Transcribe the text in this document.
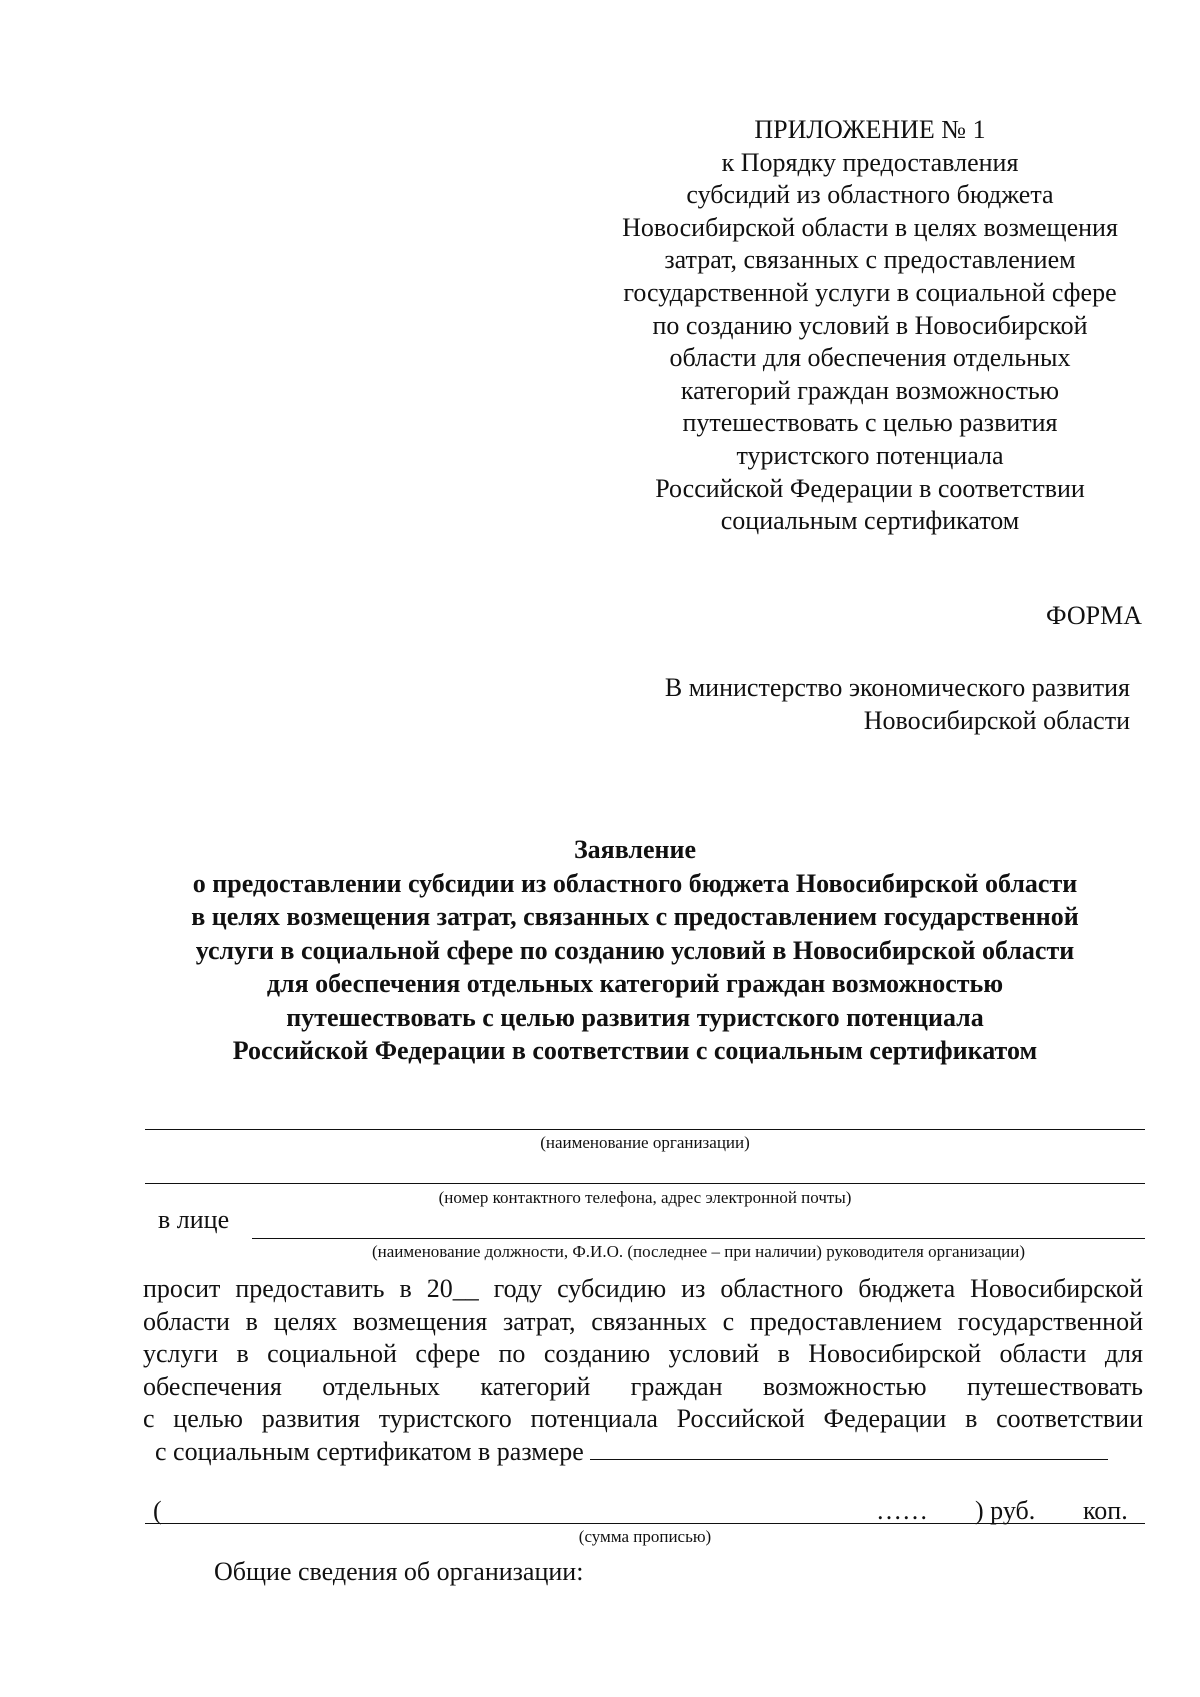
ПРИЛОЖЕНИЕ № 1
к Порядку предоставления
субсидий из областного бюджета
Новосибирской области в целях возмещения
затрат, связанных с предоставлением
государственной услуги в социальной сфере
по созданию условий в Новосибирской
области для обеспечения отдельных
категорий граждан возможностью
путешествовать с целью развития
туристского потенциала
Российской Федерации в соответствии
социальным сертификатом
ФОРМА
В министерство экономического развития
Новосибирской области
Заявление
о предоставлении субсидии из областного бюджета Новосибирской области
в целях возмещения затрат, связанных с предоставлением государственной
услуги в социальной сфере по созданию условий в Новосибирской области
для обеспечения отдельных категорий граждан возможностью
путешествовать с целью развития туристского потенциала
Российской Федерации в соответствии с социальным сертификатом
(наименование организации)
(номер контактного телефона, адрес электронной почты)
в лице
(наименование должности, Ф.И.О. (последнее – при наличии) руководителя организации)
просит предоставить в 20__ году субсидию из областного бюджета Новосибирской
области в целях возмещения затрат, связанных с предоставлением государственной
услуги в социальной сфере по созданию условий в Новосибирской области для
обеспечения отдельных категорий граждан возможностью путешествовать
с целью развития туристского потенциала Российской Федерации в соответствии
с социальным сертификатом в размере
(	…… ) руб. коп.
(сумма прописью)
Общие сведения об организации:
